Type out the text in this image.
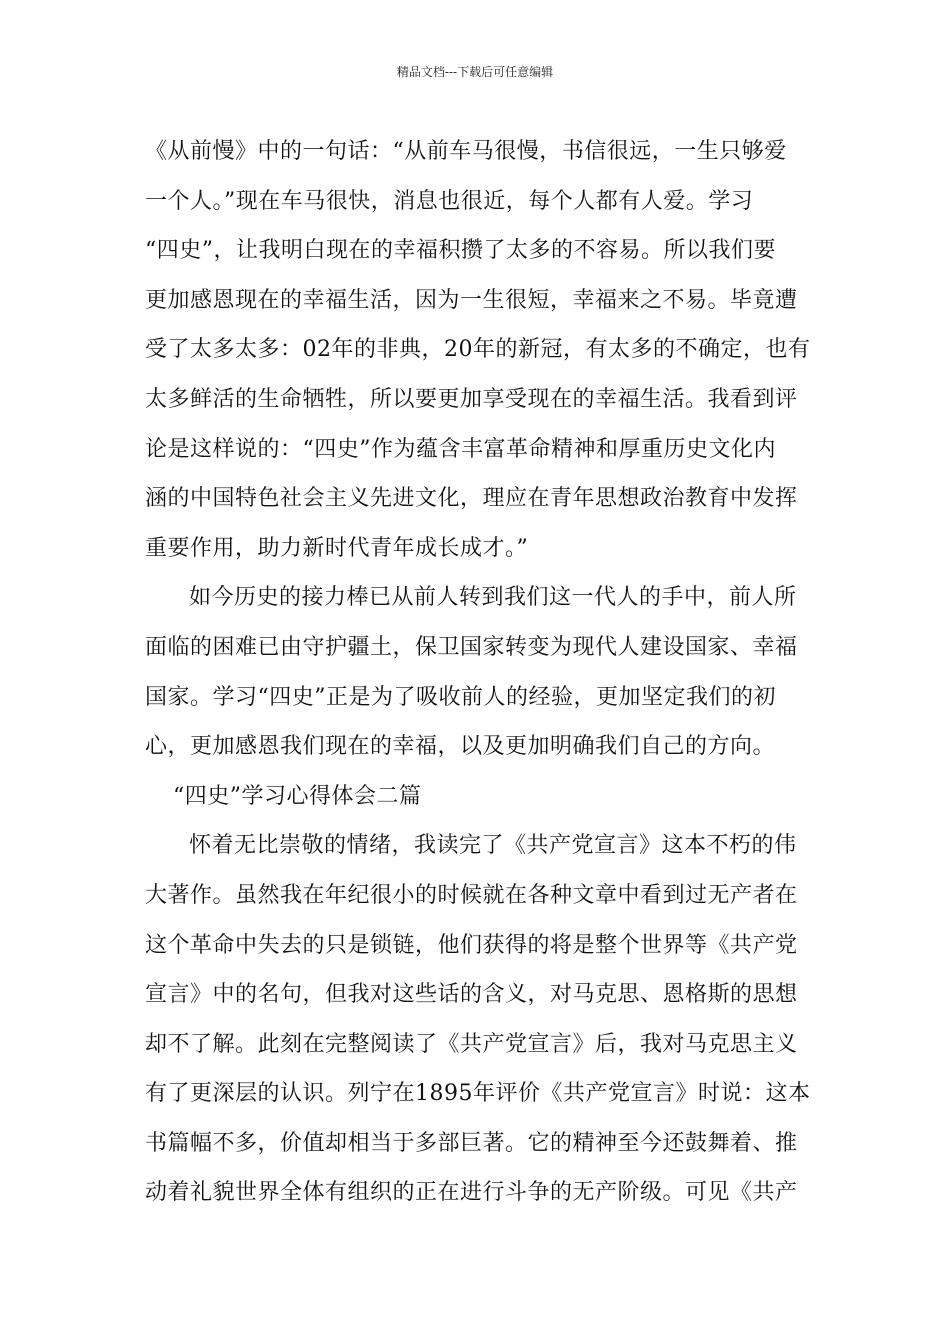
精品文档---下载后可任意编辑
《从前慢》中的一句话：“从前车马很慢，书信很远，一生只够爱
一个人。”现在车马很快，消息也很近，每个人都有人爱。学习
“四史”，让我明白现在的幸福积攒了太多的不容易。所以我们要
更加感恩现在的幸福生活，因为一生很短，幸福来之不易。毕竟遭
受了太多太多：02年的非典，20年的新冠，有太多的不确定，也有
太多鲜活的生命牺牲，所以要更加享受现在的幸福生活。我看到评
论是这样说的：“四史”作为蕴含丰富革命精神和厚重历史文化内
涵的中国特色社会主义先进文化，理应在青年思想政治教育中发挥
重要作用，助力新时代青年成长成才。”
如今历史的接力棒已从前人转到我们这一代人的手中，前人所
面临的困难已由守护疆土，保卫国家转变为现代人建设国家、幸福
国家。学习“四史”正是为了吸收前人的经验，更加坚定我们的初
心，更加感恩我们现在的幸福，以及更加明确我们自己的方向。
“四史”学习心得体会二篇
怀着无比崇敬的情绪，我读完了《共产党宣言》这本不朽的伟
大著作。虽然我在年纪很小的时候就在各种文章中看到过无产者在
这个革命中失去的只是锁链，他们获得的将是整个世界等《共产党
宣言》中的名句，但我对这些话的含义，对马克思、恩格斯的思想
却不了解。此刻在完整阅读了《共产党宣言》后，我对马克思主义
有了更深层的认识。列宁在1895年评价《共产党宣言》时说：这本
书篇幅不多，价值却相当于多部巨著。它的精神至今还鼓舞着、推
动着礼貌世界全体有组织的正在进行斗争的无产阶级。可见《共产
